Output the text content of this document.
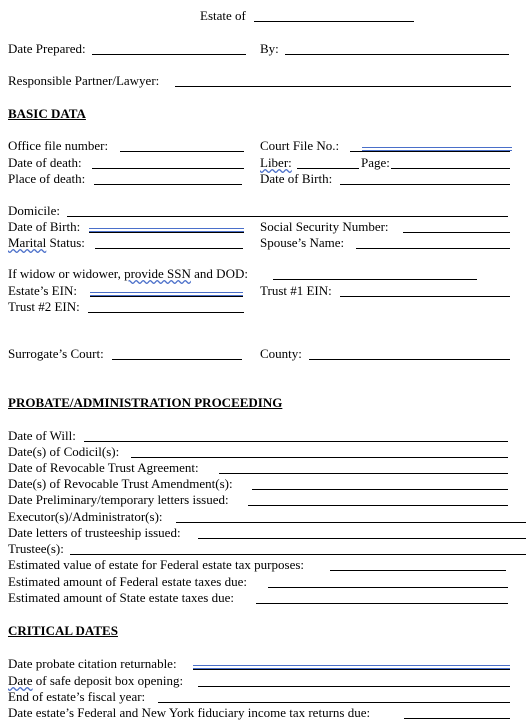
Estate of
Date Prepared:	By:
Responsible Partner/Lawyer:
BASIC DATA
Office file number:	Court File No.:
Date of death:	Liber:	Page:
Place of death:	Date of Birth:
Domicile:
Date of Birth:	Social Security Number:
Marital Status:	Spouse’s Name:
If widow or widower, provide SSN and DOD:
Estate’s EIN:	Trust #1 EIN:
Trust #2 EIN:
Surrogate’s Court:	County:
PROBATE/ADMINISTRATION PROCEEDING
Date of Will:
Date(s) of Codicil(s):
Date of Revocable Trust Agreement:
Date(s) of Revocable Trust Amendment(s):
Date Preliminary/temporary letters issued:
Executor(s)/Administrator(s):
Date letters of trusteeship issued:
Trustee(s):
Estimated value of estate for Federal estate tax purposes:
Estimated amount of Federal estate taxes due:
Estimated amount of State estate taxes due:
CRITICAL DATES
Date probate citation returnable:
Date of safe deposit box opening:
End of estate’s fiscal year:
Date estate’s Federal and New York fiduciary income tax returns due:
